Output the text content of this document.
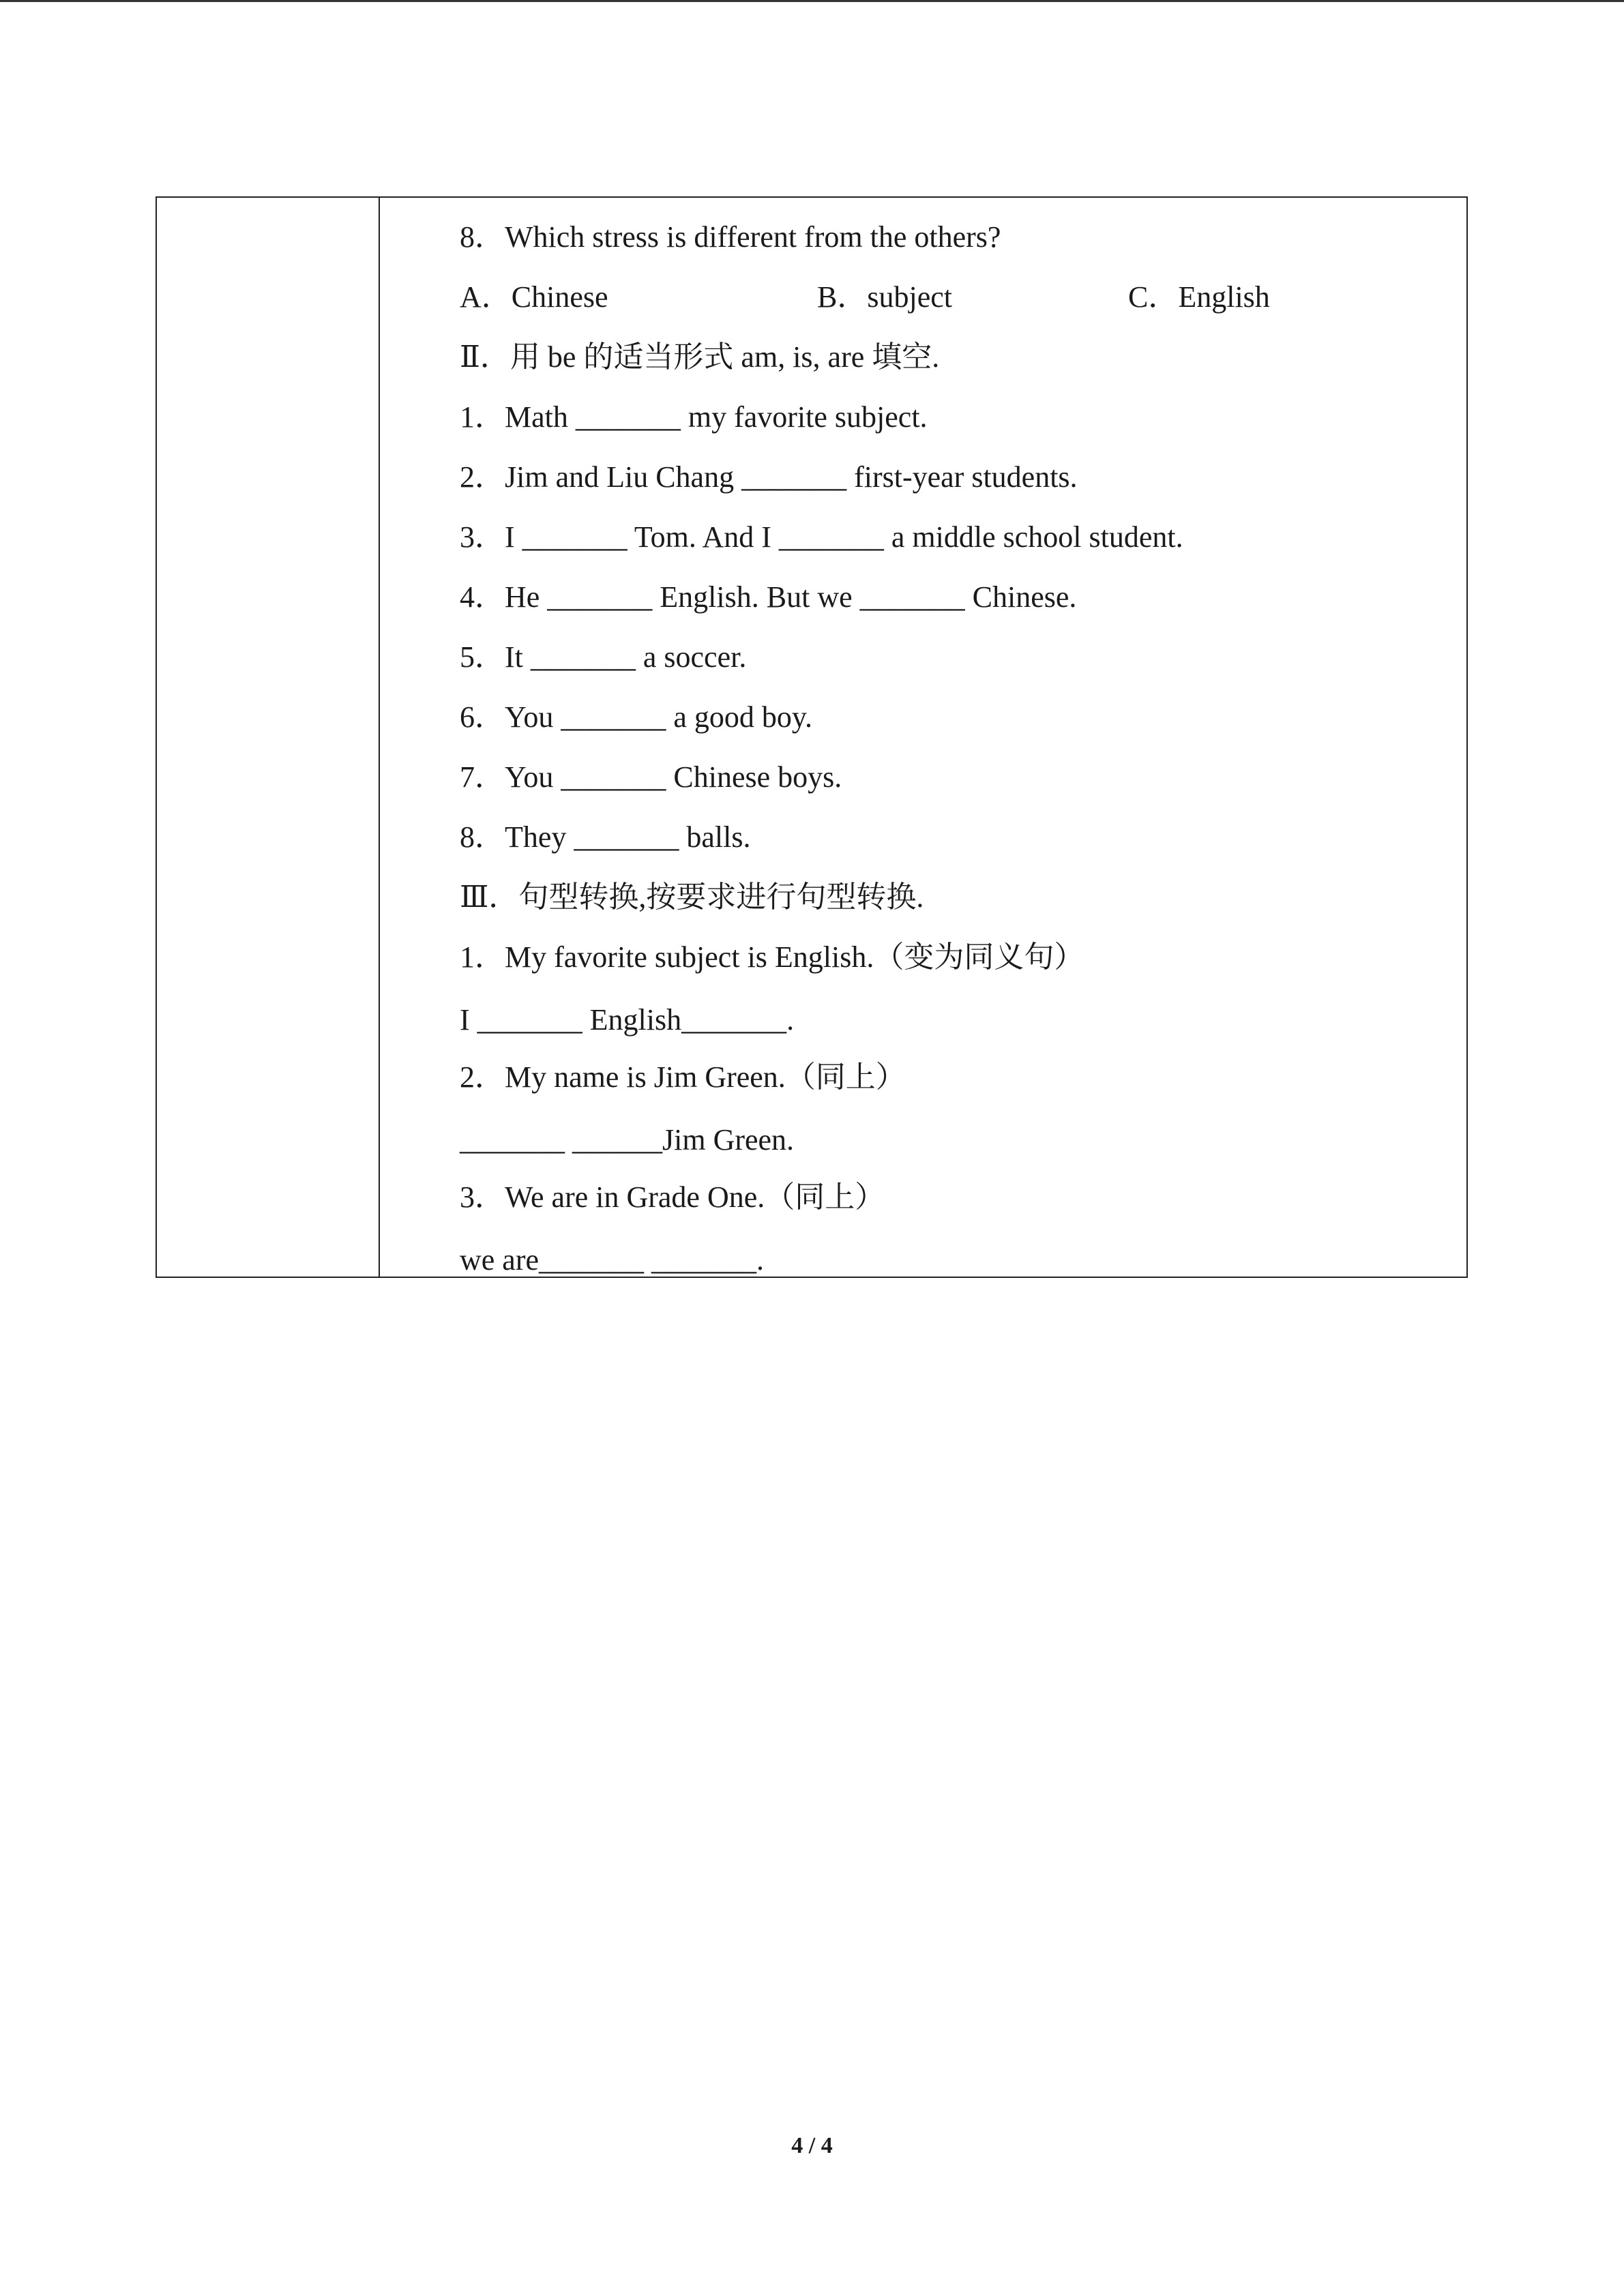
8．Which stress is different from the others?
A．Chinese	B．subject	C．English
Ⅱ．用 be 的适当形式 am, is, are 填空.
1．Math _______ my favorite subject.
2．Jim and Liu Chang _______ first-year students.
3．I _______ Tom. And I _______ a middle school student.
4．He _______ English. But we _______ Chinese.
5．It _______ a soccer.
6．You _______ a good boy.
7．You _______ Chinese boys.
8．They _______ balls.
Ⅲ．句型转换,按要求进行句型转换.
1．My favorite subject is English.（变为同义句）
I _______ English_______.
2．My name is Jim Green.（同上）
_______ ______Jim Green.
3．We are in Grade One.（同上）
we are_______ _______.
4 / 4
